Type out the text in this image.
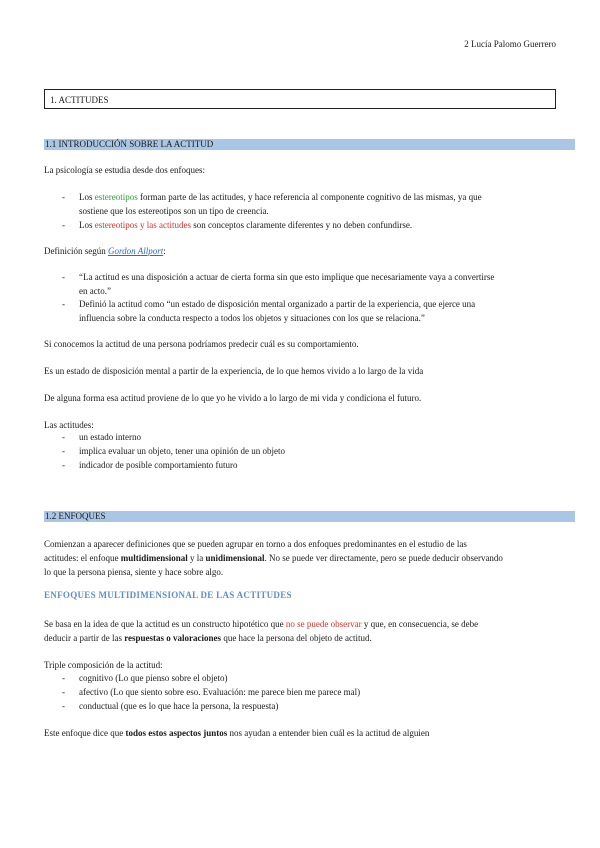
2 Lucía Palomo Guerrero
1. ACTITUDES
1.1 INTRODUCCIÓN SOBRE LA ACTITUD
La psicología se estudia desde dos enfoques:
- Los estereotipos forman parte de las actitudes, y hace referencia al componente cognitivo de las mismas, ya que
sostiene que los estereotipos son un tipo de creencia.
- Los estereotipos y las actitudes son conceptos claramente diferentes y no deben confundirse.
Definición según Gordon Allport:
- “La actitud es una disposición a actuar de cierta forma sin que esto implique que necesariamente vaya a convertirse
en acto.”
- Definió la actitud como “un estado de disposición mental organizado a partir de la experiencia, que ejerce una
influencia sobre la conducta respecto a todos los objetos y situaciones con los que se relaciona.”
Si conocemos la actitud de una persona podríamos predecir cuál es su comportamiento.
Es un estado de disposición mental a partir de la experiencia, de lo que hemos vivido a lo largo de la vida
De alguna forma esa actitud proviene de lo que yo he vivido a lo largo de mi vida y condiciona el futuro.
Las actitudes:
- un estado interno
- implica evaluar un objeto, tener una opinión de un objeto
- indicador de posible comportamiento futuro
1.2 ENFOQUES
Comienzan a aparecer definiciones que se pueden agrupar en torno a dos enfoques predominantes en el estudio de las
actitudes: el enfoque multidimensional y la unidimensional. No se puede ver directamente, pero se puede deducir observando
lo que la persona piensa, siente y hace sobre algo.
ENFOQUES MULTIDIMENSIONAL DE LAS ACTITUDES
Se basa en la idea de que la actitud es un constructo hipotético que no se puede observar y que, en consecuencia, se debe
deducir a partir de las respuestas o valoraciones que hace la persona del objeto de actitud.
Triple composición de la actitud:
- cognitivo (Lo que pienso sobre el objeto)
- afectivo (Lo que siento sobre eso. Evaluación: me parece bien me parece mal)
- conductual (que es lo que hace la persona, la respuesta)
Este enfoque dice que todos estos aspectos juntos nos ayudan a entender bien cuál es la actitud de alguien
